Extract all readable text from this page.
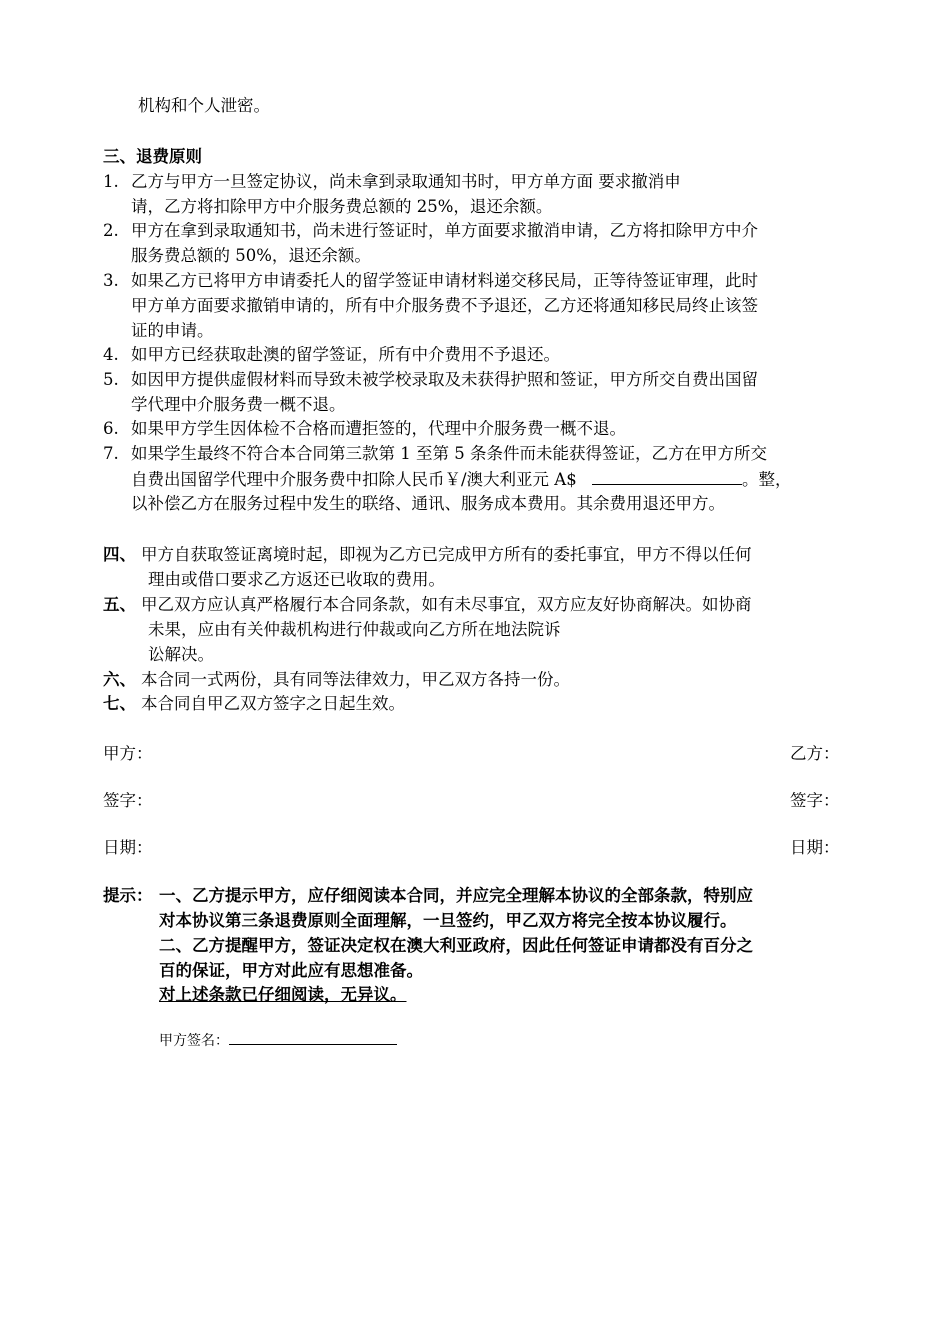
机构和个人泄密。
三、退费原则
1. 乙方与甲方一旦签定协议，尚未拿到录取通知书时，甲方单方面 要求撤消申
请，乙方将扣除甲方中介服务费总额的 25%，退还余额。
2. 甲方在拿到录取通知书，尚未进行签证时，单方面要求撤消申请，乙方将扣除甲方中介
服务费总额的 50%，退还余额。
3. 如果乙方已将甲方申请委托人的留学签证申请材料递交移民局，正等待签证审理，此时
甲方单方面要求撤销申请的，所有中介服务费不予退还，乙方还将通知移民局终止该签
证的申请。
4. 如甲方已经获取赴澳的留学签证，所有中介费用不予退还。
5. 如因甲方提供虚假材料而导致未被学校录取及未获得护照和签证，甲方所交自费出国留
学代理中介服务费一概不退。
6. 如果甲方学生因体检不合格而遭拒签的，代理中介服务费一概不退。
7. 如果学生最终不符合本合同第三款第 1 至第 5 条条件而未能获得签证，乙方在甲方所交
自费出国留学代理中介服务费中扣除人民币￥/澳大利亚元 A$	。整，
以补偿乙方在服务过程中发生的联络、通讯、服务成本费用。其余费用退还甲方。
四、 甲方自获取签证离境时起，即视为乙方已完成甲方所有的委托事宜，甲方不得以任何
理由或借口要求乙方返还已收取的费用。
五、 甲乙双方应认真严格履行本合同条款，如有未尽事宜，双方应友好协商解决。如协商
未果，应由有关仲裁机构进行仲裁或向乙方所在地法院诉
讼解决。
六、 本合同一式两份，具有同等法律效力，甲乙双方各持一份。
七、 本合同自甲乙双方签字之日起生效。
甲方：	乙方：
签字：	签字：
日期：	日期：
提示： 一、乙方提示甲方，应仔细阅读本合同，并应完全理解本协议的全部条款，特别应
对本协议第三条退费原则全面理解，一旦签约，甲乙双方将完全按本协议履行。
二、乙方提醒甲方，签证决定权在澳大利亚政府，因此任何签证申请都没有百分之
百的保证，甲方对此应有思想准备。
对上述条款已仔细阅读，无异议。
甲方签名：
